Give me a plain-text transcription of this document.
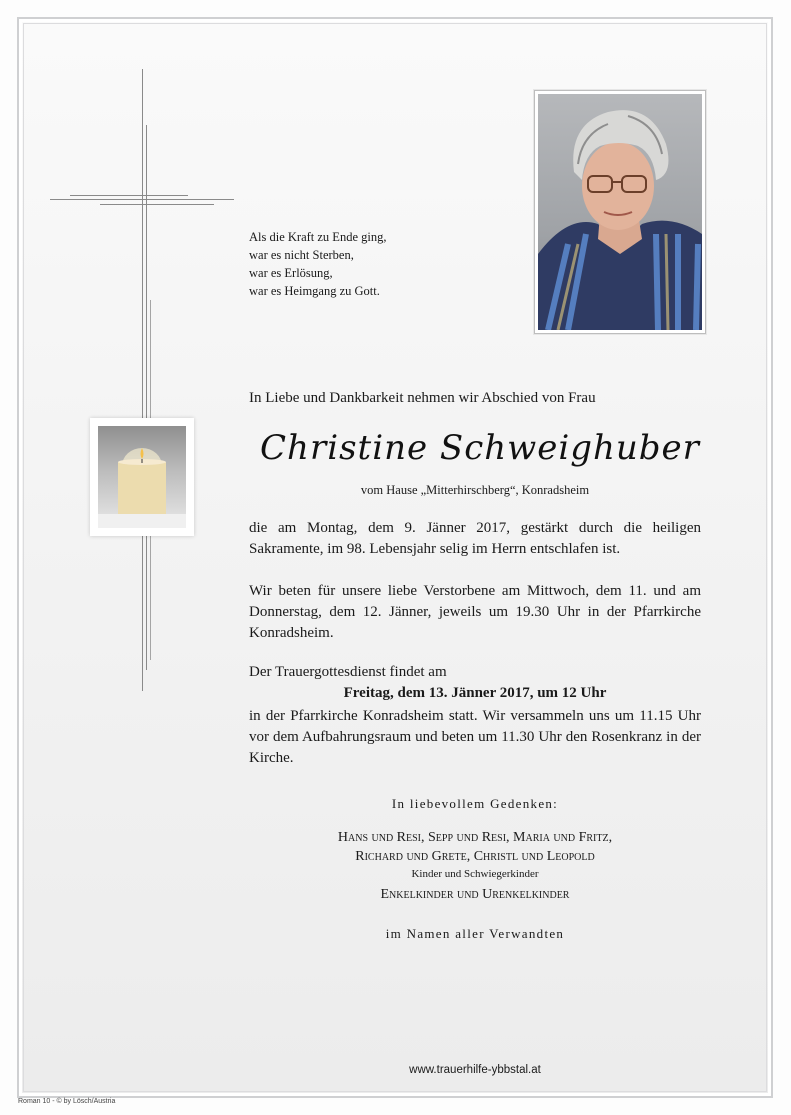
Als die Kraft zu Ende ging,
war es nicht Sterben,
war es Erlösung,
war es Heimgang zu Gott.
In Liebe und Dankbarkeit nehmen wir Abschied von Frau
Christine Schweighuber
vom Hause „Mitterhirschberg“, Konradsheim
die am Montag, dem 9. Jänner 2017, gestärkt durch die heiligen Sakramente, im 98. Lebensjahr selig im Herrn entschlafen ist.
Wir beten für unsere liebe Verstorbene am Mittwoch, dem 11. und am Donnerstag, dem 12. Jänner, jeweils um 19.30 Uhr in der Pfarrkirche Konradsheim.
Der Trauergottesdienst findet am
Freitag, dem 13. Jänner 2017, um 12 Uhr
in der Pfarrkirche Konradsheim statt. Wir versammeln uns um 11.15 Uhr vor dem Aufbahrungsraum und beten um 11.30 Uhr den Rosenkranz in der Kirche.
In liebevollem Gedenken:
Hans und Resi, Sepp und Resi, Maria und Fritz,
Richard und Grete, Christl und Leopold
Kinder und Schwiegerkinder
Enkelkinder und Urenkelkinder
im Namen aller Verwandten
www.trauerhilfe-ybbstal.at
Roman 10 - © by Lösch/Austria
